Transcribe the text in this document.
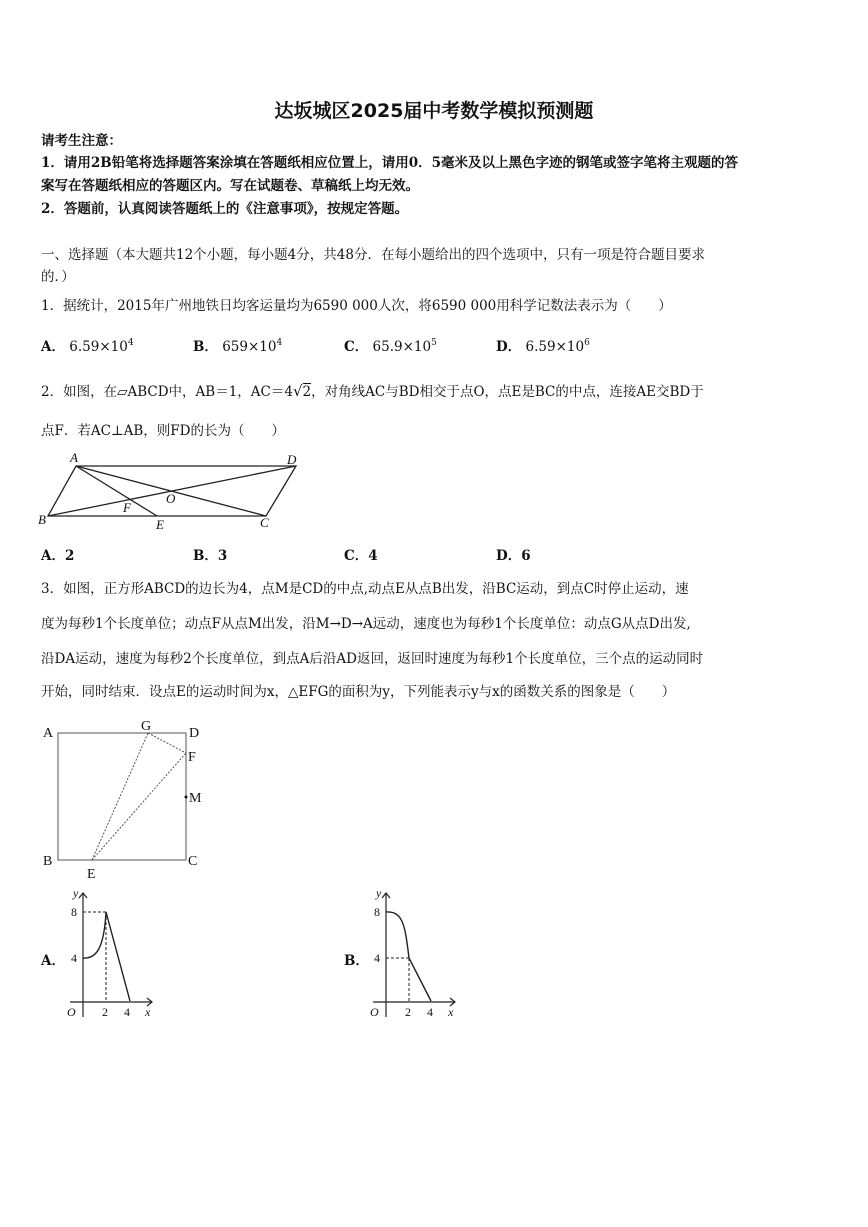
达坂城区2025届中考数学模拟预测题
请考生注意：
1．请用2B铅笔将选择题答案涂填在答题纸相应位置上，请用0．5毫米及以上黑色字迹的钢笔或签字笔将主观题的答
案写在答题纸相应的答题区内。写在试题卷、草稿纸上均无效。
2．答题前，认真阅读答题纸上的《注意事项》，按规定答题。
一、选择题（本大题共12个小题，每小题4分，共48分．在每小题给出的四个选项中，只有一项是符合题目要求
的．）
1．据统计，2015年广州地铁日均客运量均为6590 000人次，将6590 000用科学记数法表示为（　　）
A． $6.59\times 10^4$	B． $659\times 10^4$	C． $65.9\times 10^5$	D． $6.59\times 10^6$
2．如图，在▱ABCD中，AB＝1，AC＝4√2，对角线AC与BD相交于点O，点E是BC的中点，连接AE交BD于
点F．若AC⊥AB，则FD的长为（　　）
A	D
O
F
B	E	C
A．2	B．3	C．4	D．6
3．如图，正方形ABCD的边长为4，点M是CD的中点,动点E从点B出发，沿BC运动，到点C时停止运动，速
度为每秒1个长度单位；动点F从点M出发，沿M→D→A远动，速度也为每秒1个长度单位：动点G从点D出发,
沿DA运动，速度为每秒2个长度单位，到点A后沿AD返回，返回时速度为每秒1个长度单位，三个点的运动同时
开始，同时结束．设点E的运动时间为x，△EFG的面积为y，下列能表示y与x的函数关系的图象是（　　）
A	G	D
F
M
B
E
C
A．
y
8
4
O 2 4 x
B．
y
8
4
O 2 4 x
